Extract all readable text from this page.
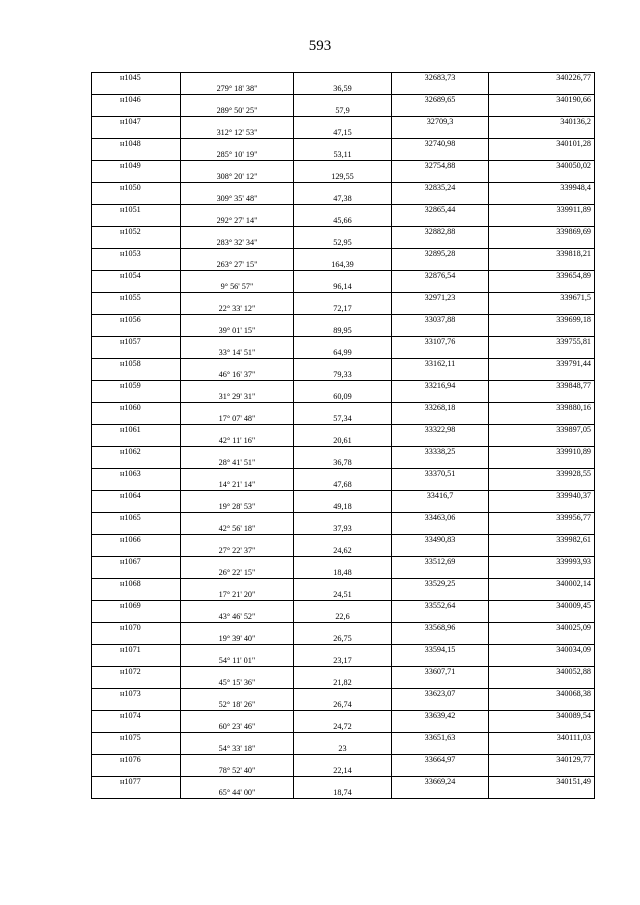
593
н1045			32683,73	340226,77
	279° 18' 38"	36,59		
н1046			32689,65	340190,66
	289° 50' 25"	57,9		
н1047			32709,3	340136,2
	312° 12' 53"	47,15		
н1048			32740,98	340101,28
	285° 10' 19"	53,11		
н1049			32754,88	340050,02
	308° 20' 12"	129,55		
н1050			32835,24	339948,4
	309° 35' 48"	47,38		
н1051			32865,44	339911,89
	292° 27' 14"	45,66		
н1052			32882,88	339869,69
	283° 32' 34"	52,95		
н1053			32895,28	339818,21
	263° 27' 15"	164,39		
н1054			32876,54	339654,89
	9° 56' 57"	96,14		
н1055			32971,23	339671,5
	22° 33' 12"	72,17		
н1056			33037,88	339699,18
	39° 01' 15"	89,95		
н1057			33107,76	339755,81
	33° 14' 51"	64,99		
н1058			33162,11	339791,44
	46° 16' 37"	79,33		
н1059			33216,94	339848,77
	31° 29' 31"	60,09		
н1060			33268,18	339880,16
	17° 07' 48"	57,34		
н1061			33322,98	339897,05
	42° 11' 16"	20,61		
н1062			33338,25	339910,89
	28° 41' 51"	36,78		
н1063			33370,51	339928,55
	14° 21' 14"	47,68		
н1064			33416,7	339940,37
	19° 28' 53"	49,18		
н1065			33463,06	339956,77
	42° 56' 18"	37,93		
н1066			33490,83	339982,61
	27° 22' 37"	24,62		
н1067			33512,69	339993,93
	26° 22' 15"	18,48		
н1068			33529,25	340002,14
	17° 21' 20"	24,51		
н1069			33552,64	340009,45
	43° 46' 52"	22,6		
н1070			33568,96	340025,09
	19° 39' 40"	26,75		
н1071			33594,15	340034,09
	54° 11' 01"	23,17		
н1072			33607,71	340052,88
	45° 15' 36"	21,82		
н1073			33623,07	340068,38
	52° 18' 26"	26,74		
н1074			33639,42	340089,54
	60° 23' 46"	24,72		
н1075			33651,63	340111,03
	54° 33' 18"	23		
н1076			33664,97	340129,77
	78° 52' 40"	22,14		
н1077			33669,24	340151,49
	65° 44' 00"	18,74		
